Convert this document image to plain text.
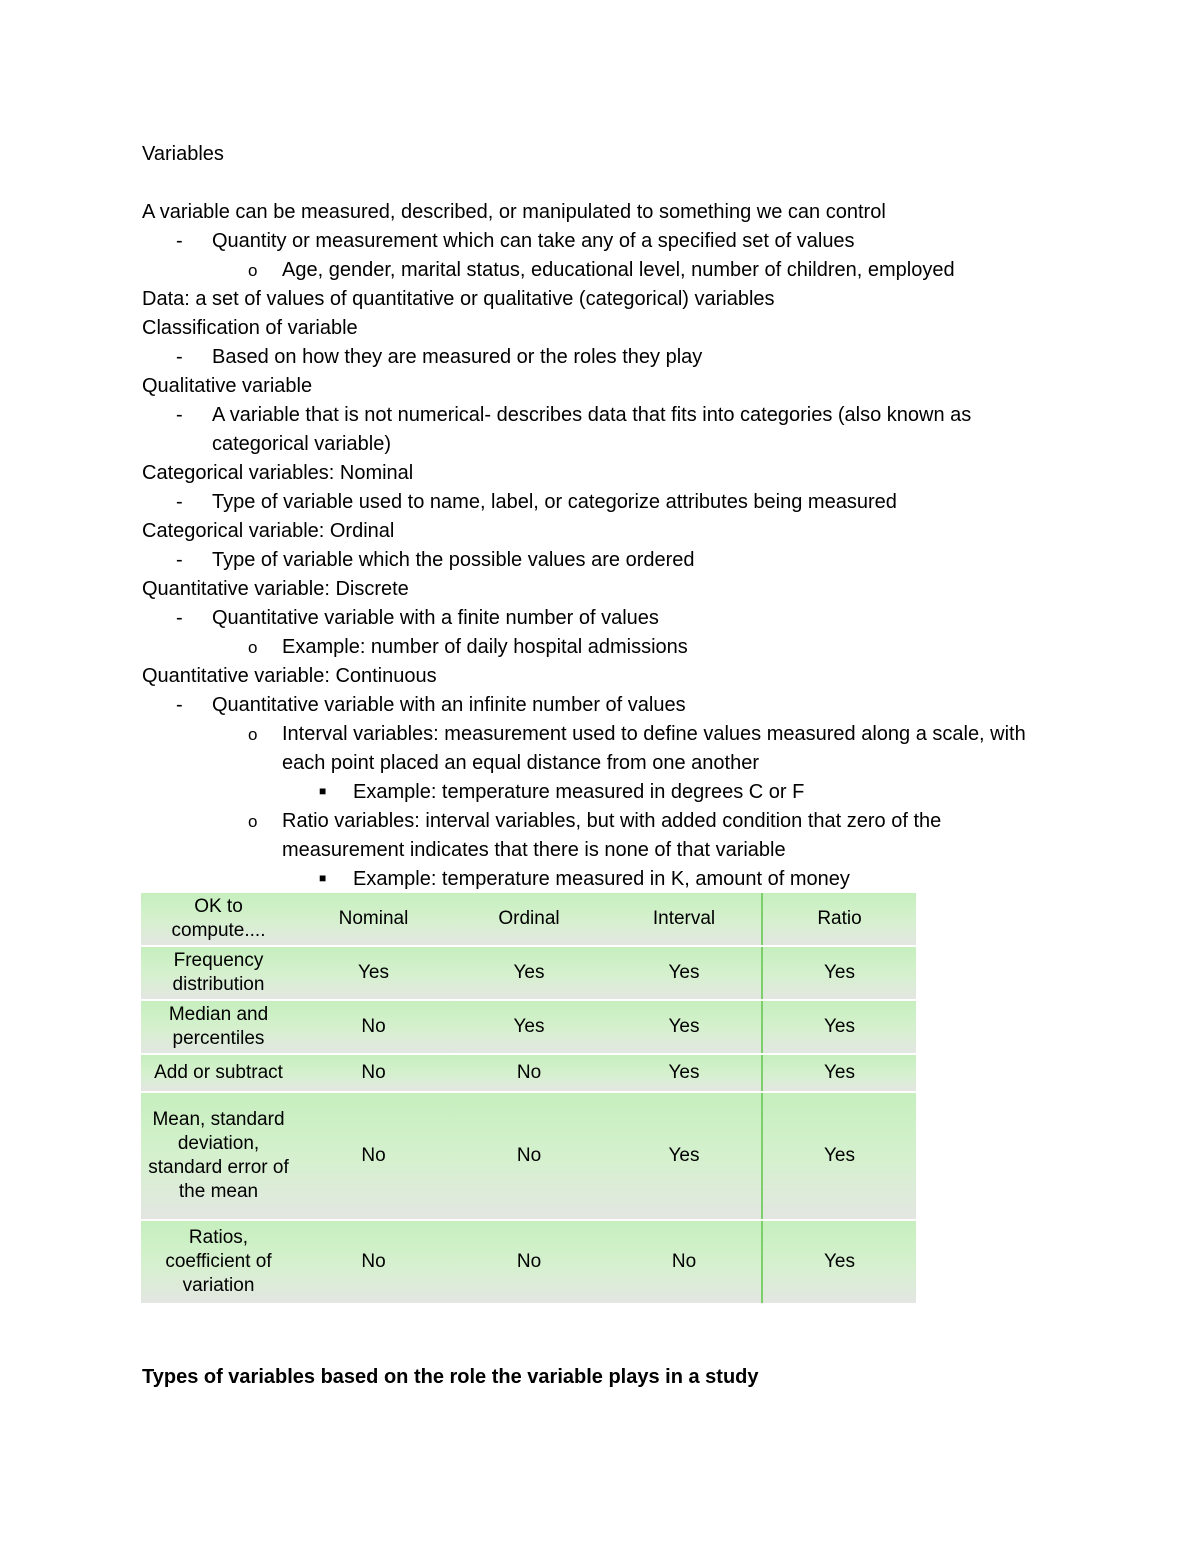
Variables
A variable can be measured, described, or manipulated to something we can control
- Quantity or measurement which can take any of a specified set of values
o Age, gender, marital status, educational level, number of children, employed
Data: a set of values of quantitative or qualitative (categorical) variables
Classification of variable
- Based on how they are measured or the roles they play
Qualitative variable
- A variable that is not numerical- describes data that fits into categories (also known as categorical variable)
Categorical variables: Nominal
- Type of variable used to name, label, or categorize attributes being measured
Categorical variable: Ordinal
- Type of variable which the possible values are ordered
Quantitative variable: Discrete
- Quantitative variable with a finite number of values
o Example: number of daily hospital admissions
Quantitative variable: Continuous
- Quantitative variable with an infinite number of values
o Interval variables: measurement used to define values measured along a scale, with each point placed an equal distance from one another
■ Example: temperature measured in degrees C or F
o Ratio variables: interval variables, but with added condition that zero of the measurement indicates that there is none of that variable
■ Example: temperature measured in K, amount of money
OK to compute....	Nominal	Ordinal	Interval	Ratio
Frequency distribution	Yes	Yes	Yes	Yes
Median and percentiles	No	Yes	Yes	Yes
Add or subtract	No	No	Yes	Yes
Mean, standard deviation, standard error of the mean	No	No	Yes	Yes
Ratios, coefficient of variation	No	No	No	Yes
Types of variables based on the role the variable plays in a study
